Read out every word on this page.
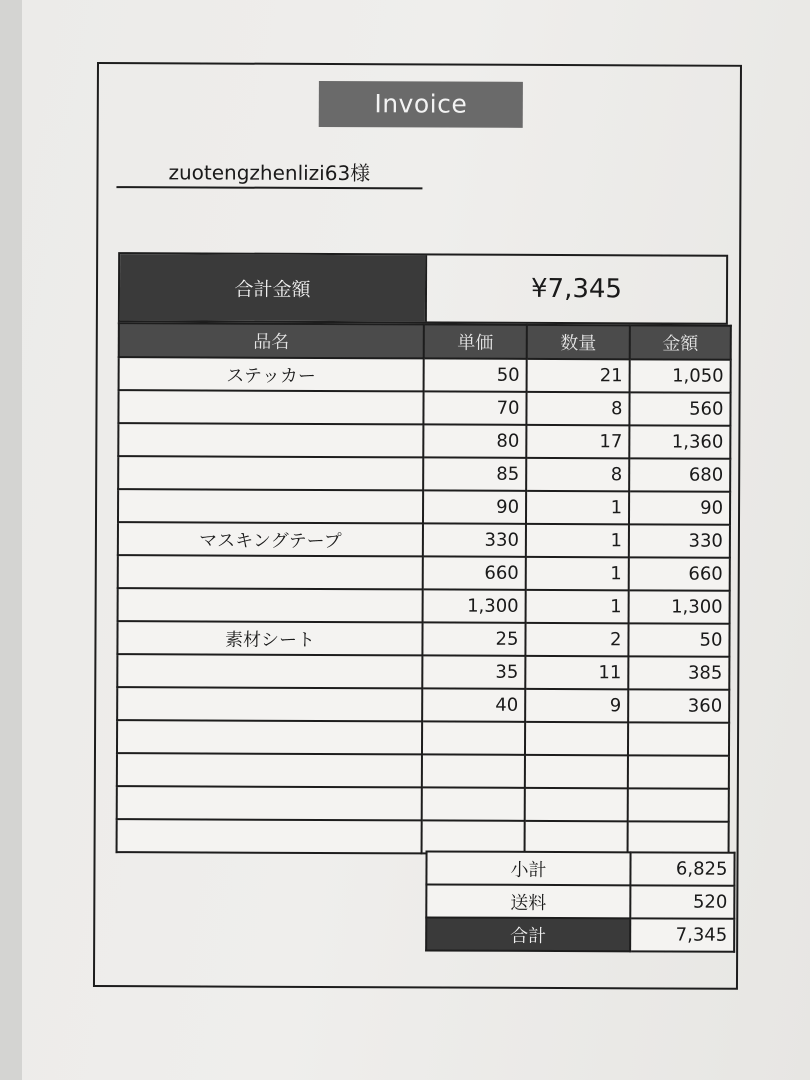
Invoice
zuotengzhenlizi63様
合計金額	¥7,345
品名	単価	数量	金額
ステッカー	50	21	1,050
	70	8	560
	80	17	1,360
	85	8	680
	90	1	90
マスキングテープ	330	1	330
	660	1	660
	1,300	1	1,300
素材シート	25	2	50
	35	11	385
	40	9	360

小計	6,825
送料	520
合計	7,345
